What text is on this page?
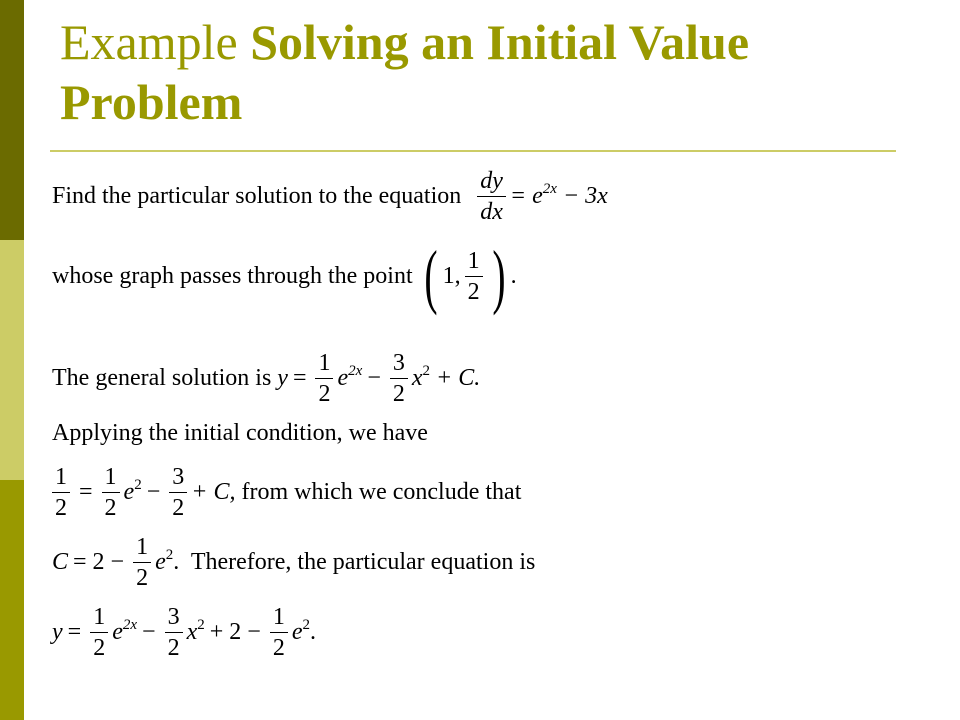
Example Solving an Initial Value Problem
Find the particular solution to the equation $\frac{dy}{dx} = e^{2x} - 3x$
whose graph passes through the point ( 1, $\frac{1}{2}$ ) .
The general solution is $y = \frac{1}{2} e^{2x} - \frac{3}{2} x^2 + C$.
Applying the initial condition, we have
$\frac{1}{2} = \frac{1}{2} e^2 - \frac{3}{2} + C$, from which we conclude that
$C = 2 - \frac{1}{2} e^2$ .  Therefore, the particular equation is
$y = \frac{1}{2} e^{2x} - \frac{3}{2} x^2 + 2 - \frac{1}{2} e^2$ .
